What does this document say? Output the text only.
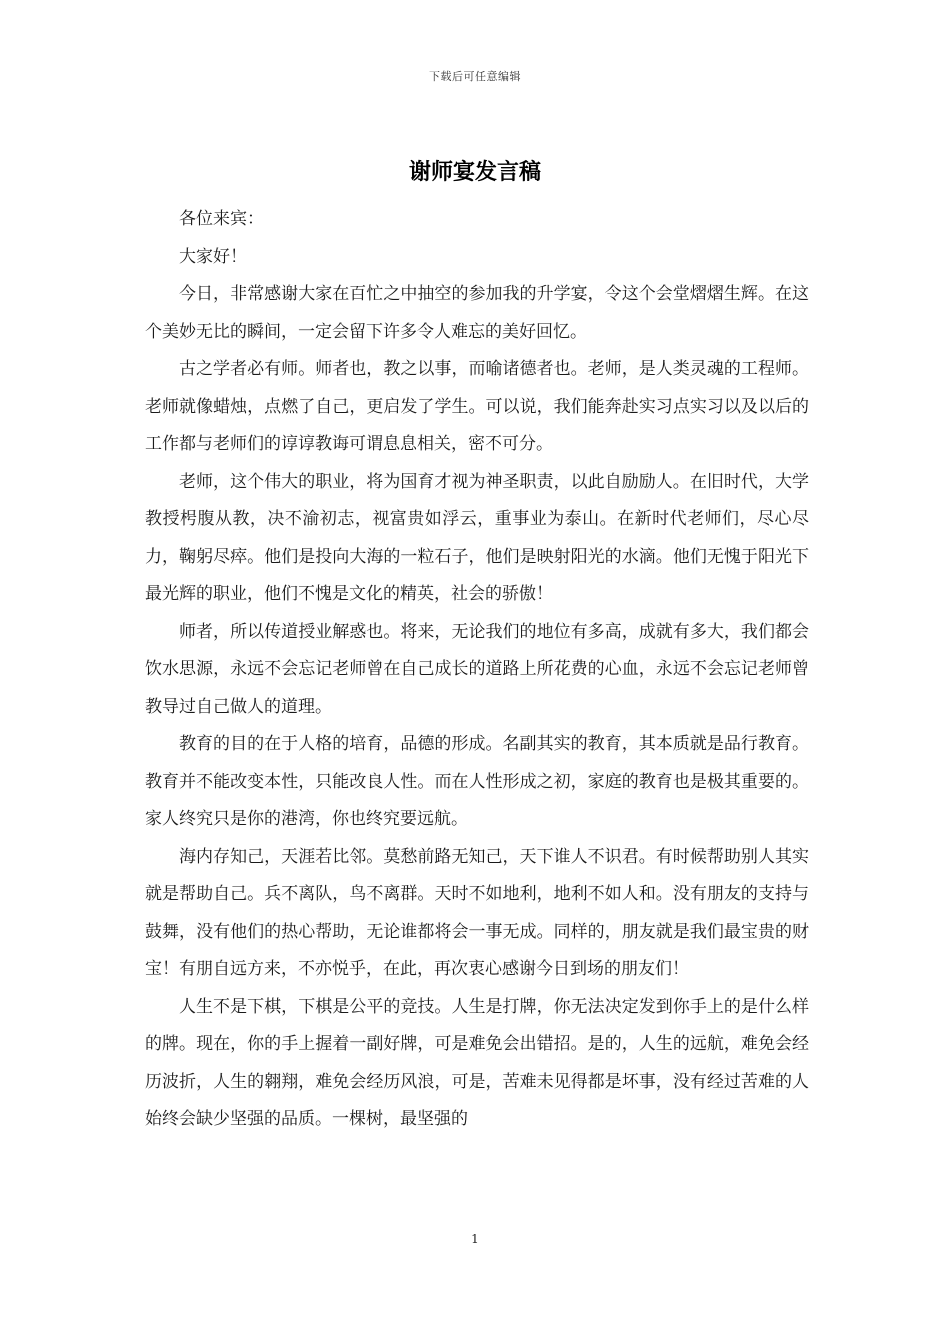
下载后可任意编辑
谢师宴发言稿

各位来宾：

大家好！

今日，非常感谢大家在百忙之中抽空的参加我的升学宴，令这个会堂熠熠生辉。在这个美妙无比的瞬间，一定会留下许多令人难忘的美好回忆。

古之学者必有师。师者也，教之以事，而喻诸德者也。老师，是人类灵魂的工程师。老师就像蜡烛，点燃了自己，更启发了学生。可以说，我们能奔赴实习点实习以及以后的工作都与老师们的谆谆教诲可谓息息相关，密不可分。

老师，这个伟大的职业，将为国育才视为神圣职责，以此自励励人。在旧时代，大学教授枵腹从教，决不渝初志，视富贵如浮云，重事业为泰山。在新时代老师们，尽心尽力，鞠躬尽瘁。他们是投向大海的一粒石子，他们是映射阳光的水滴。他们无愧于阳光下最光辉的职业，他们不愧是文化的精英，社会的骄傲！

师者，所以传道授业解惑也。将来，无论我们的地位有多高，成就有多大，我们都会饮水思源，永远不会忘记老师曾在自己成长的道路上所花费的心血，永远不会忘记老师曾教导过自己做人的道理。

教育的目的在于人格的培育，品德的形成。名副其实的教育，其本质就是品行教育。教育并不能改变本性，只能改良人性。而在人性形成之初，家庭的教育也是极其重要的。家人终究只是你的港湾，你也终究要远航。

海内存知己，天涯若比邻。莫愁前路无知己，天下谁人不识君。有时候帮助别人其实就是帮助自己。兵不离队，鸟不离群。天时不如地利，地利不如人和。没有朋友的支持与鼓舞，没有他们的热心帮助，无论谁都将会一事无成。同样的，朋友就是我们最宝贵的财宝！有朋自远方来，不亦悦乎，在此，再次衷心感谢今日到场的朋友们！

人生不是下棋，下棋是公平的竞技。人生是打牌，你无法决定发到你手上的是什么样的牌。现在，你的手上握着一副好牌，可是难免会出错招。是的，人生的远航，难免会经历波折，人生的翱翔，难免会经历风浪，可是，苦难未见得都是坏事，没有经过苦难的人始终会缺少坚强的品质。一棵树，最坚强的

1
